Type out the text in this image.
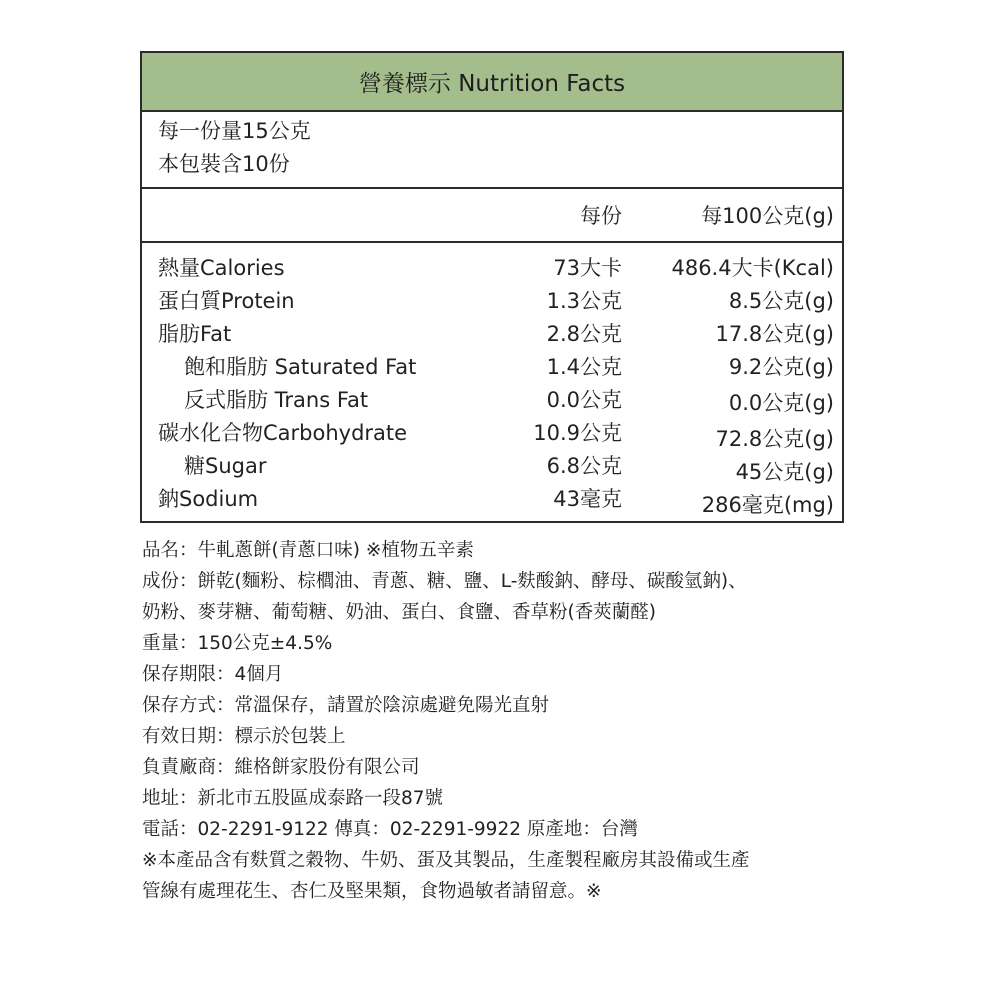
營養標示 Nutrition Facts
每一份量15公克
本包裝含10份
每份	每100公克(g)
熱量Calories	73大卡 486.4大卡(Kcal)
蛋白質Protein	1.3公克	8.5公克(g)
脂肪Fat	2.8公克	17.8公克(g)
飽和脂肪 Saturated Fat	1.4公克	9.2公克(g)
反式脂肪 Trans Fat	0.0公克	0.0公克(g)
碳水化合物Carbohydrate	10.9公克	72.8公克(g)
糖Sugar	6.8公克	45公克(g)
鈉Sodium	43毫克	286毫克(mg)
品名：牛軋蔥餅(青蔥口味) ※植物五辛素
成份：餅乾(麵粉、棕櫚油、青蔥、糖、鹽、L-麩酸鈉、酵母、碳酸氫鈉)、
奶粉、麥芽糖、葡萄糖、奶油、蛋白、食鹽、香草粉(香莢蘭醛)
重量：150公克±4.5%
保存期限：4個月
保存方式：常溫保存，請置於陰涼處避免陽光直射
有效日期：標示於包裝上
負責廠商：維格餅家股份有限公司
地址：新北市五股區成泰路一段87號
電話：02-2291-9122 傳真：02-2291-9922 原產地：台灣
※本產品含有麩質之穀物、牛奶、蛋及其製品，生產製程廠房其設備或生產
管線有處理花生、杏仁及堅果類，食物過敏者請留意。※
